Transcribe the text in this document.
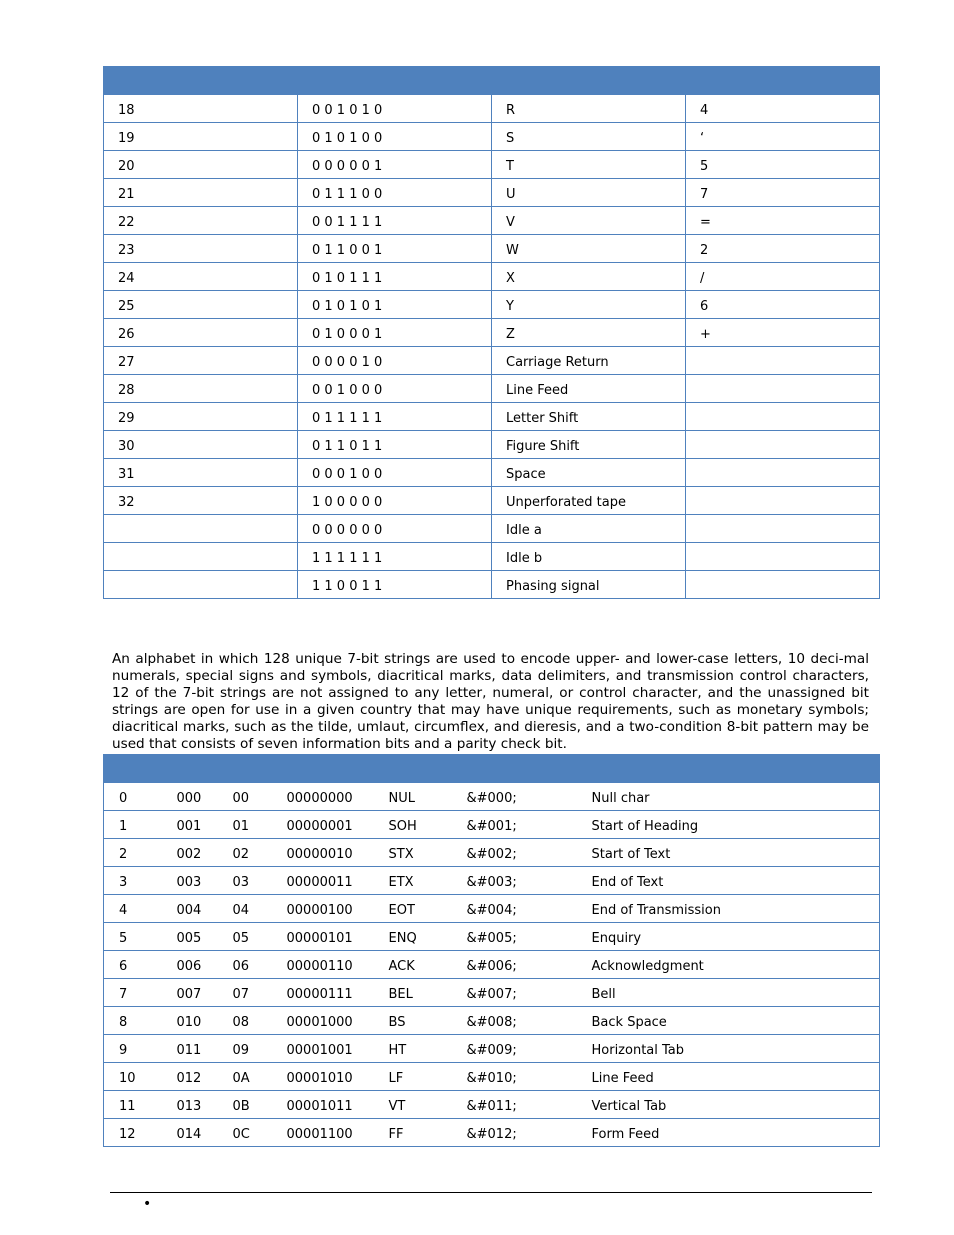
18	0 0 1 0 1 0	R	4
19	0 1 0 1 0 0	S	‘
20	0 0 0 0 0 1	T	5
21	0 1 1 1 0 0	U	7
22	0 0 1 1 1 1	V	=
23	0 1 1 0 0 1	W	2
24	0 1 0 1 1 1	X	/
25	0 1 0 1 0 1	Y	6
26	0 1 0 0 0 1	Z	+
27	0 0 0 0 1 0	Carriage Return	
28	0 0 1 0 0 0	Line Feed	
29	0 1 1 1 1 1	Letter Shift	
30	0 1 1 0 1 1	Figure Shift	
31	0 0 0 1 0 0	Space	
32	1 0 0 0 0 0	Unperforated tape	
	0 0 0 0 0 0	Idle a	
	1 1 1 1 1 1	Idle b	
	1 1 0 0 1 1	Phasing signal	

An alphabet in which 128 unique 7-bit strings are used to encode upper- and lower-case letters, 10 deci-mal numerals, special signs and symbols, diacritical marks, data delimiters, and transmission control characters, 12 of the 7-bit strings are not assigned to any letter, numeral, or control character, and the unassigned bit strings are open for use in a given country that may have unique requirements, such as monetary symbols; diacritical marks, such as the tilde, umlaut, circumflex, and dieresis, and a two-condition 8-bit pattern may be used that consists of seven information bits and a parity check bit.

0	000	00	00000000	NUL	&#000;	Null char
1	001	01	00000001	SOH	&#001;	Start of Heading
2	002	02	00000010	STX	&#002;	Start of Text
3	003	03	00000011	ETX	&#003;	End of Text
4	004	04	00000100	EOT	&#004;	End of Transmission
5	005	05	00000101	ENQ	&#005;	Enquiry
6	006	06	00000110	ACK	&#006;	Acknowledgment
7	007	07	00000111	BEL	&#007;	Bell
8	010	08	00001000	BS	&#008;	Back Space
9	011	09	00001001	HT	&#009;	Horizontal Tab
10	012	0A	00001010	LF	&#010;	Line Feed
11	013	0B	00001011	VT	&#011;	Vertical Tab
12	014	0C	00001100	FF	&#012;	Form Feed
•
